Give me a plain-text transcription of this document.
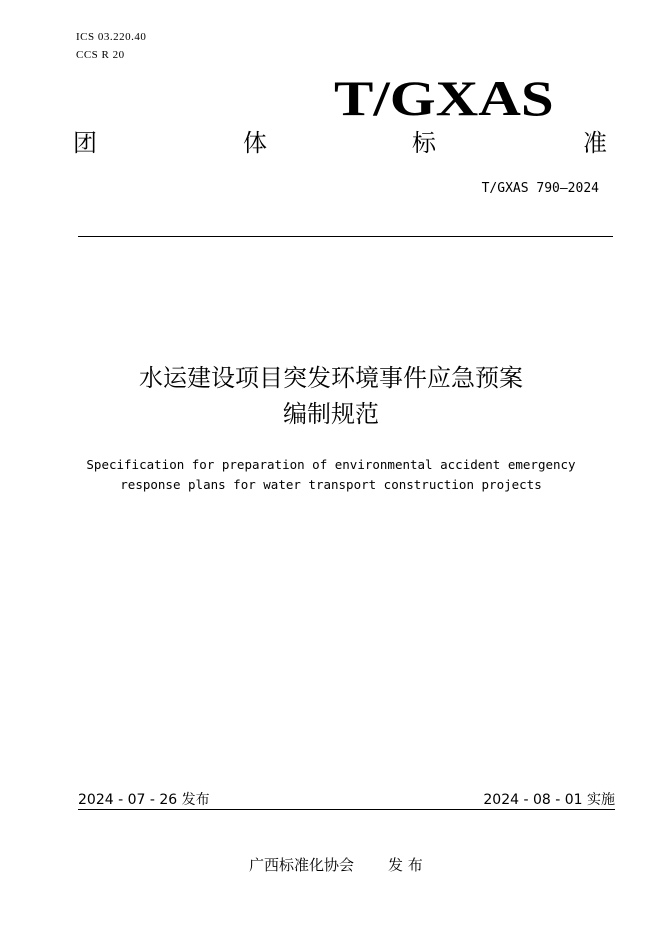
ICS 03.220.40
CCS R 20
T/GXAS
团	体	标	准
T/GXAS 790—2024
水运建设项目突发环境事件应急预案
编制规范
Specification for preparation of environmental accident emergency
response plans for water transport construction projects
2024 - 07 - 26 发布	2024 - 08 - 01 实施
广西标准化协会 发 布
